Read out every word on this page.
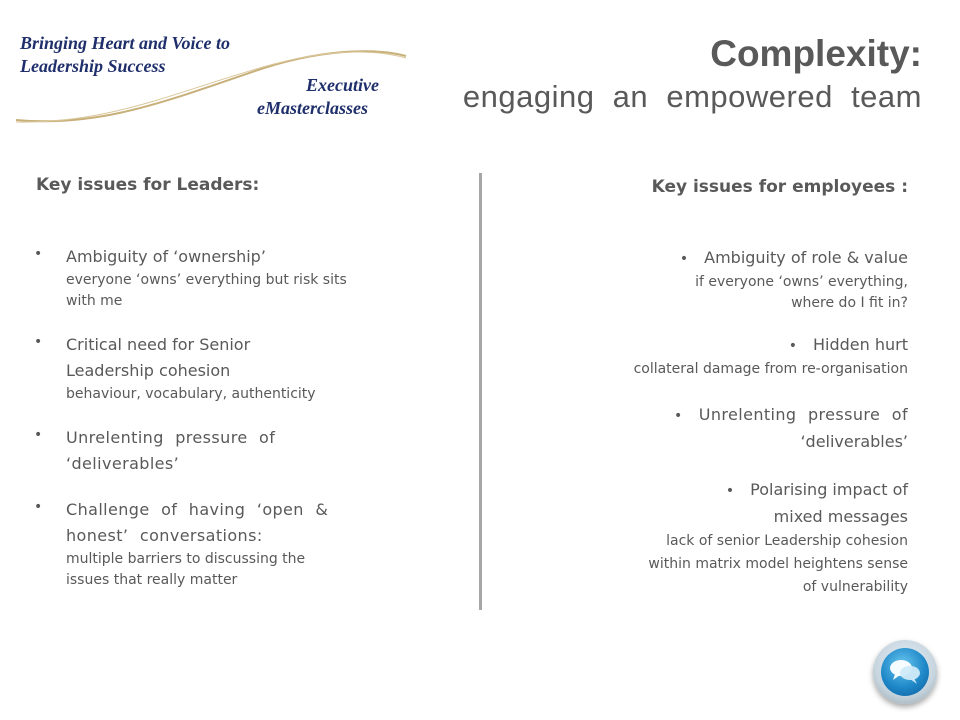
Bringing Heart and Voice to
Leadership Success
Executive
eMasterclasses
Complexity:
engaging  an  empowered  team
Key issues for Leaders:
• Ambiguity of ‘ownership’
everyone ‘owns’ everything but risk sits with me
• Critical need for Senior Leadership cohesion
behaviour, vocabulary, authenticity
• Unrelenting pressure of ‘deliverables’
• Challenge of having ‘open & honest’ conversations:
multiple barriers to discussing the issues that really matter
Key issues for employees :
• Ambiguity of role & value
if everyone ‘owns’ everything,
where do I fit in?
• Hidden hurt
collateral damage from re-organisation
• Unrelenting pressure of
‘deliverables’
• Polarising impact of
mixed messages
lack of senior Leadership cohesion
within matrix model heightens sense
of vulnerability
